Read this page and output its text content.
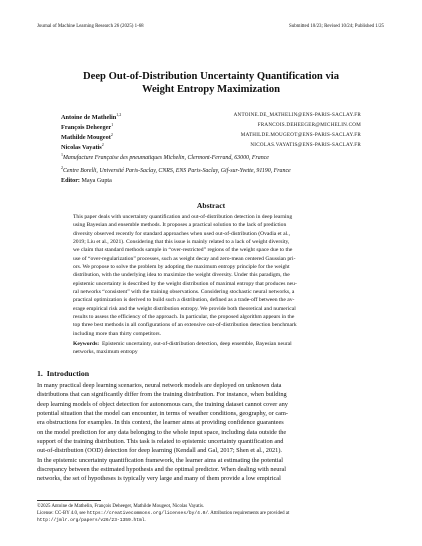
Journal of Machine Learning Research 26 (2025) 1-68	Submitted 10/23; Revised 10/24; Published 1/25
Deep Out-of-Distribution Uncertainty Quantification via
Weight Entropy Maximization
Antoine de Mathelin$^{1,2}$	ANTOINE.DE_MATHELIN@ENS-PARIS-SACLAY.FR
François Deheeger$^1$	FRANCOIS.DEHEEGER@MICHELIN.COM
Mathilde Mougeot$^2$	MATHILDE.MOUGEOT@ENS-PARIS-SACLAY.FR
Nicolas Vayatis$^2$	NICOLAS.VAYATIS@ENS-PARIS-SACLAY.FR
$^1$Manufacture Française des pneumatiques Michelin, Clermont-Ferrand, 63000, France
$^2$Centre Borelli, Université Paris-Saclay, CNRS, ENS Paris-Saclay, Gif-sur-Yvette, 91190, France
Editor: Maya Gupta
Abstract
This paper deals with uncertainty quantification and out-of-distribution detection in deep learning
using Bayesian and ensemble methods. It proposes a practical solution to the lack of prediction
diversity observed recently for standard approaches when used out-of-distribution (Ovadia et al.,
2019; Liu et al., 2021). Considering that this issue is mainly related to a lack of weight diversity,
we claim that standard methods sample in “over-restricted” regions of the weight space due to the
use of “over-regularization” processes, such as weight decay and zero-mean centered Gaussian pri-
ors. We propose to solve the problem by adopting the maximum entropy principle for the weight
distribution, with the underlying idea to maximize the weight diversity. Under this paradigm, the
epistemic uncertainty is described by the weight distribution of maximal entropy that produces neu-
ral networks “consistent” with the training observations. Considering stochastic neural networks, a
practical optimization is derived to build such a distribution, defined as a trade-off between the av-
erage empirical risk and the weight distribution entropy. We provide both theoretical and numerical
results to assess the efficiency of the approach. In particular, the proposed algorithm appears in the
top three best methods in all configurations of an extensive out-of-distribution detection benchmark
including more than thirty competitors.
Keywords: Epistemic uncertainty, out-of-distribution detection, deep ensemble, Bayesian neural
networks, maximum entropy
1. Introduction
In many practical deep learning scenarios, neural network models are deployed on unknown data
distributions that can significantly differ from the training distribution. For instance, when building
deep learning models of object detection for autonomous cars, the training dataset cannot cover any
potential situation that the model can encounter, in terms of weather conditions, geography, or cam-
era obstructions for examples. In this context, the learner aims at providing confidence guarantees
on the model prediction for any data belonging to the whole input space, including data outside the
support of the training distribution. This task is related to epistemic uncertainty quantification and
out-of-distribution (OOD) detection for deep learning (Kendall and Gal, 2017; Shen et al., 2021).
In the epistemic uncertainty quantification framework, the learner aims at estimating the potential
discrepancy between the estimated hypothesis and the optimal predictor. When dealing with neural
networks, the set of hypotheses is typically very large and many of them provide a low empirical

©2025 Antoine de Mathelin, François Deheeger, Mathilde Mougeot, Nicolas Vayatis.

License: CC-BY 4.0, see https://creativecommons.org/licenses/by/4.0/. Attribution requirements are provided at

http://jmlr.org/papers/v26/23-1359.html.
